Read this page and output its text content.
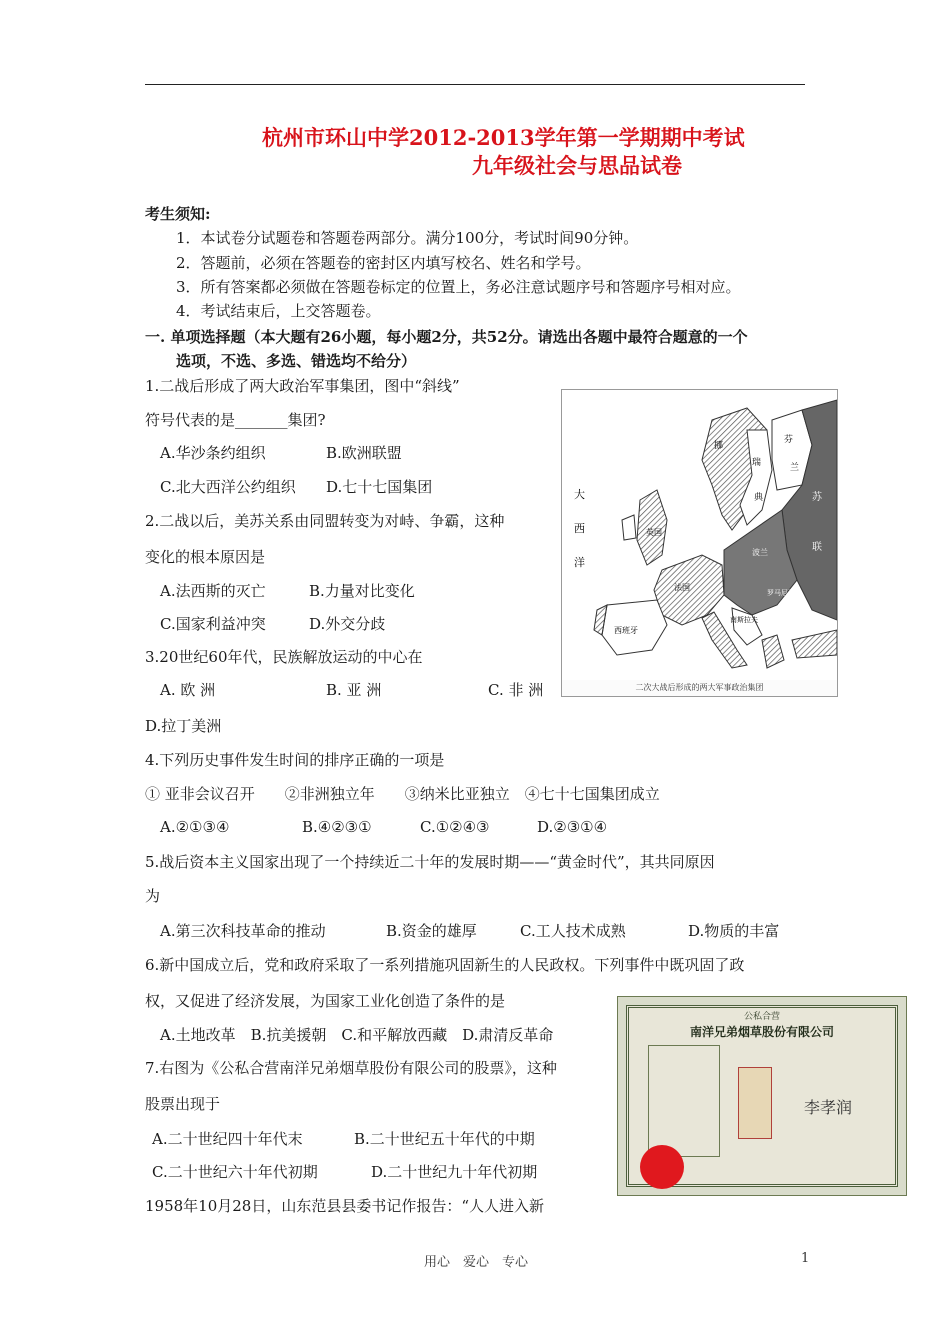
杭州市环山中学2012-2013学年第一学期期中考试
九年级社会与思品试卷
考生须知:
1．本试卷分试题卷和答题卷两部分。满分100分，考试时间90分钟。
2．答题前，必须在答题卷的密封区内填写校名、姓名和学号。
3．所有答案都必须做在答题卷标定的位置上，务必注意试题序号和答题序号相对应。
4．考试结束后，上交答题卷。
一. 单项选择题（本大题有26小题，每小题2分，共52分。请选出各题中最符合题意的一个
选项，不选、多选、错选均不给分）
1.二战后形成了两大政治军事集团，图中“斜线”
符号代表的是_______集团?
A.华沙条约组织	B.欧洲联盟
C.北大西洋公约组织 D.七十七国集团
2.二战以后，美苏关系由同盟转变为对峙、争霸，这种
变化的根本原因是
A.法西斯的灭亡	B.力量对比变化
C.国家利益冲突	D.外交分歧
3.20世纪60年代，民族解放运动的中心在
A. 欧 洲	B. 亚 洲	C. 非 洲
D.拉丁美洲
4.下列历史事件发生时间的排序正确的一项是
① 亚非会议召开　　②非洲独立年　　③纳米比亚独立　④七十七国集团成立
A.②①③④	B.④②③①	C.①②④③	D.②③①④
5.战后资本主义国家出现了一个持续近二十年的发展时期——“黄金时代”，其共同原因
为
A.第三次科技革命的推动	B.资金的雄厚	C.工人技术成熟	D.物质的丰富
6.新中国成立后，党和政府采取了一系列措施巩固新生的人民政权。下列事件中既巩固了政
权，又促进了经济发展，为国家工业化创造了条件的是
A.土地改革　B.抗美援朝　C.和平解放西藏　D.肃清反革命
7.右图为《公私合营南洋兄弟烟草股份有限公司的股票》，这种
股票出现于
A.二十世纪四十年代末	B.二十世纪五十年代的中期
C.二十世纪六十年代初期	D.二十世纪九十年代初期
1958年10月28日，山东范县县委书记作报告：“人人进入新
大
西
洋
挪
瑞
典
芬
兰
苏
联
英国
法国
西班牙
波兰
南斯拉夫
保加利亚
罗马尼亚
二次大战后形成的两大军事政治集团
公私合营
南洋兄弟烟草股份有限公司
李孝润
用心　爱心　专心	1
